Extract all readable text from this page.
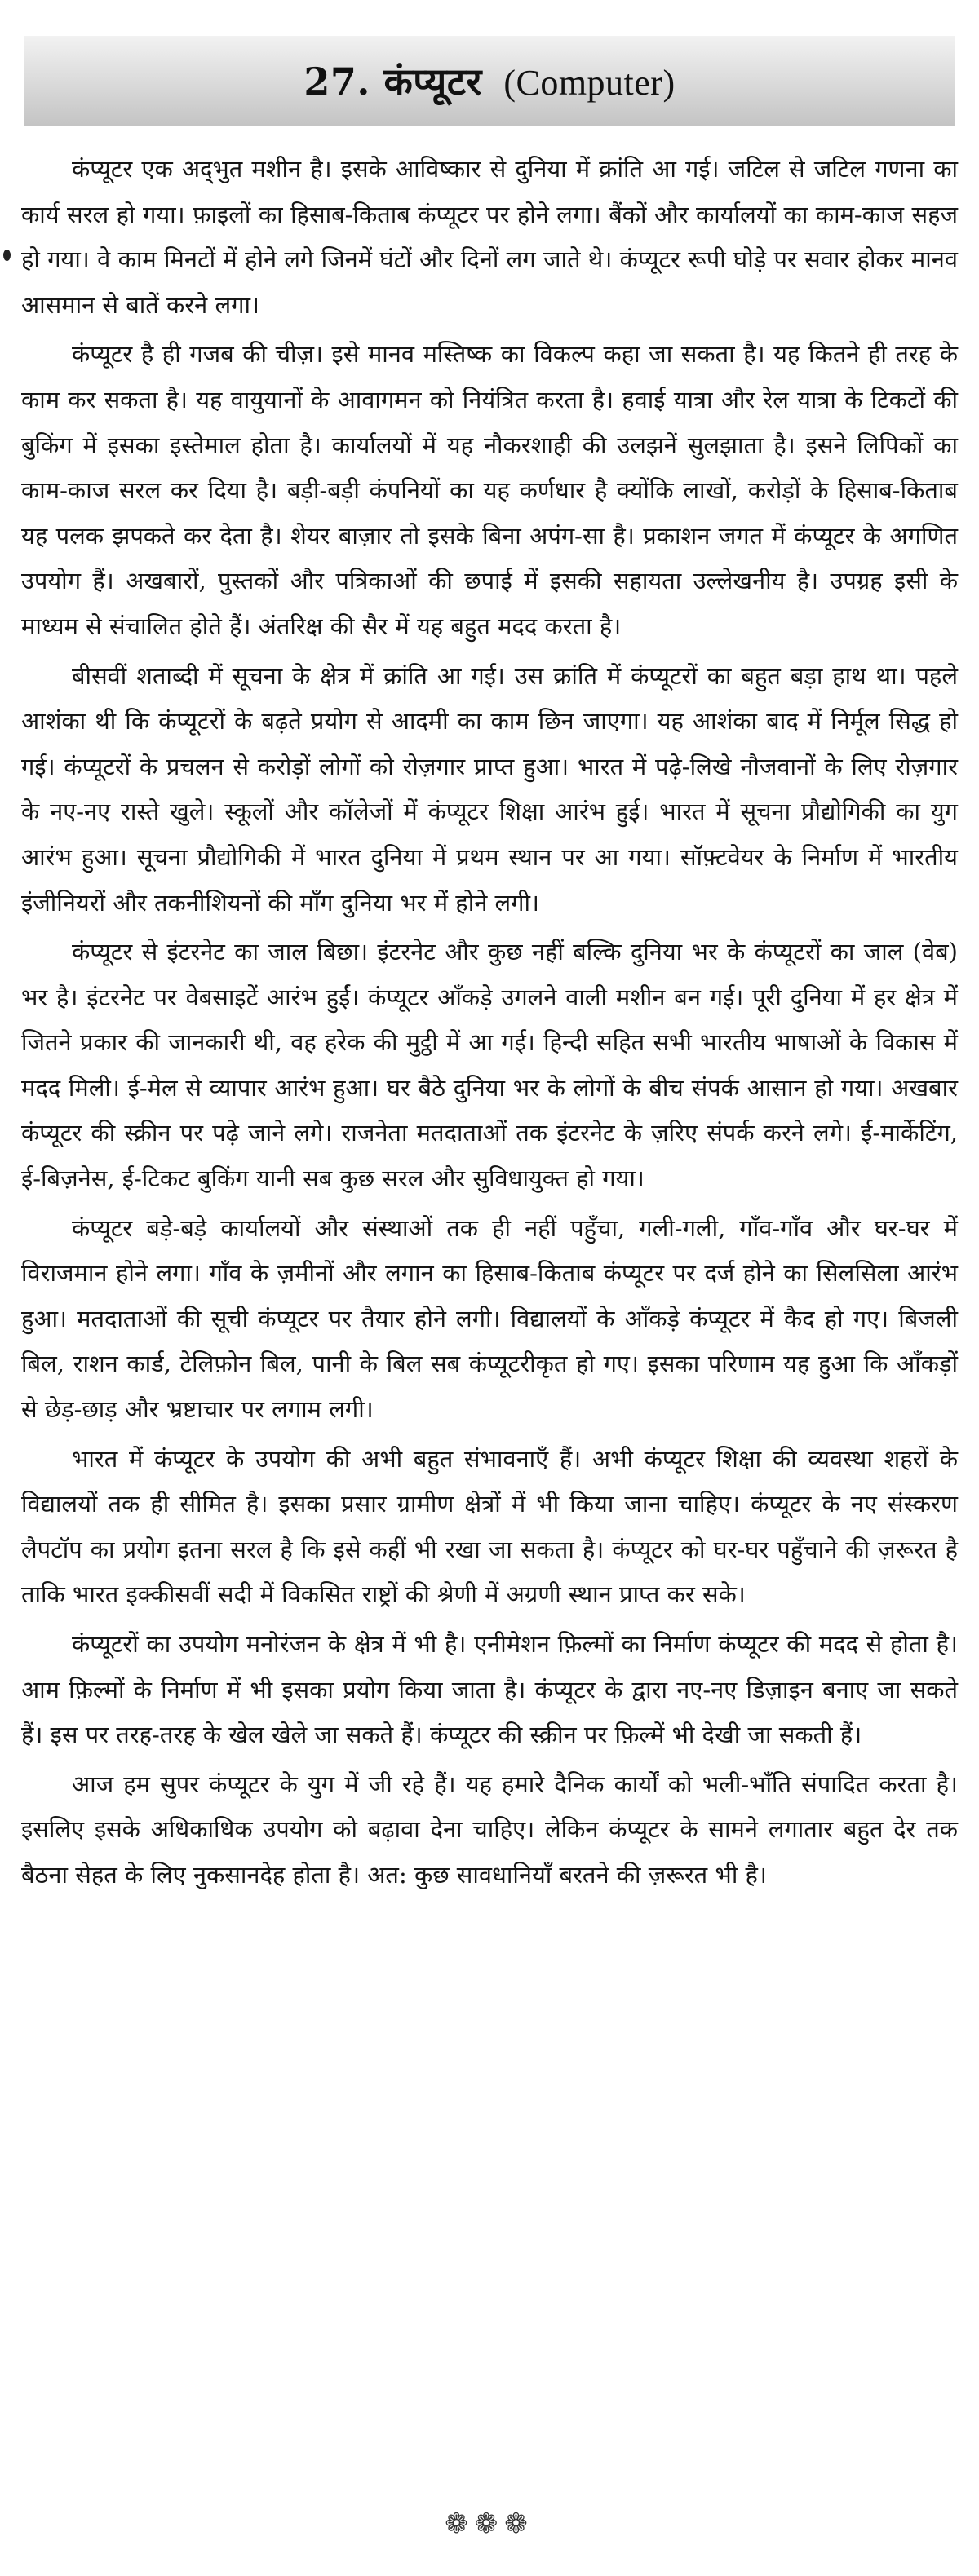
27. कंप्यूटर (Computer)

कंप्यूटर एक अद्‌भुत मशीन है। इसके आविष्कार से दुनिया में क्रांति आ गई। जटिल से जटिल गणना का कार्य सरल हो गया। फ़ाइलों का हिसाब-किताब कंप्यूटर पर होने लगा। बैंकों और कार्यालयों का काम-काज सहज हो गया। वे काम मिनटों में होने लगे जिनमें घंटों और दिनों लग जाते थे। कंप्यूटर रूपी घोड़े पर सवार होकर मानव आसमान से बातें करने लगा।

कंप्यूटर है ही गजब की चीज़। इसे मानव मस्तिष्क का विकल्प कहा जा सकता है। यह कितने ही तरह के काम कर सकता है। यह वायुयानों के आवागमन को नियंत्रित करता है। हवाई यात्रा और रेल यात्रा के टिकटों की बुकिंग में इसका इस्तेमाल होता है। कार्यालयों में यह नौकरशाही की उलझनें सुलझाता है। इसने लिपिकों का काम-काज सरल कर दिया है। बड़ी-बड़ी कंपनियों का यह कर्णधार है क्योंकि लाखों, करोड़ों के हिसाब-किताब यह पलक झपकते कर देता है। शेयर बाज़ार तो इसके बिना अपंग-सा है। प्रकाशन जगत में कंप्यूटर के अगणित उपयोग हैं। अखबारों, पुस्तकों और पत्रिकाओं की छपाई में इसकी सहायता उल्लेखनीय है। उपग्रह इसी के माध्यम से संचालित होते हैं। अंतरिक्ष की सैर में यह बहुत मदद करता है।

बीसवीं शताब्दी में सूचना के क्षेत्र में क्रांति आ गई। उस क्रांति में कंप्यूटरों का बहुत बड़ा हाथ था। पहले आशंका थी कि कंप्यूटरों के बढ़ते प्रयोग से आदमी का काम छिन जाएगा। यह आशंका बाद में निर्मूल सिद्ध हो गई। कंप्यूटरों के प्रचलन से करोड़ों लोगों को रोज़गार प्राप्त हुआ। भारत में पढ़े-लिखे नौजवानों के लिए रोज़गार के नए-नए रास्ते खुले। स्कूलों और कॉलेजों में कंप्यूटर शिक्षा आरंभ हुई। भारत में सूचना प्रौद्योगिकी का युग आरंभ हुआ। सूचना प्रौद्योगिकी में भारत दुनिया में प्रथम स्थान पर आ गया। सॉफ़्टवेयर के निर्माण में भारतीय इंजीनियरों और तकनीशियनों की माँग दुनिया भर में होने लगी।

कंप्यूटर से इंटरनेट का जाल बिछा। इंटरनेट और कुछ नहीं बल्कि दुनिया भर के कंप्यूटरों का जाल (वेब) भर है। इंटरनेट पर वेबसाइटें आरंभ हुईं। कंप्यूटर आँकड़े उगलने वाली मशीन बन गई। पूरी दुनिया में हर क्षेत्र में जितने प्रकार की जानकारी थी, वह हरेक की मुट्ठी में आ गई। हिन्दी सहित सभी भारतीय भाषाओं के विकास में मदद मिली। ई-मेल से व्यापार आरंभ हुआ। घर बैठे दुनिया भर के लोगों के बीच संपर्क आसान हो गया। अखबार कंप्यूटर की स्क्रीन पर पढ़े जाने लगे। राजनेता मतदाताओं तक इंटरनेट के ज़रिए संपर्क करने लगे। ई-मार्केटिंग, ई-बिज़नेस, ई-टिकट बुकिंग यानी सब कुछ सरल और सुविधायुक्त हो गया।

कंप्यूटर बड़े-बड़े कार्यालयों और संस्थाओं तक ही नहीं पहुँचा, गली-गली, गाँव-गाँव और घर-घर में विराजमान होने लगा। गाँव के ज़मीनों और लगान का हिसाब-किताब कंप्यूटर पर दर्ज होने का सिलसिला आरंभ हुआ। मतदाताओं की सूची कंप्यूटर पर तैयार होने लगी। विद्यालयों के आँकड़े कंप्यूटर में कैद हो गए। बिजली बिल, राशन कार्ड, टेलिफ़ोन बिल, पानी के बिल सब कंप्यूटरीकृत हो गए। इसका परिणाम यह हुआ कि आँकड़ों से छेड़-छाड़ और भ्रष्टाचार पर लगाम लगी।

भारत में कंप्यूटर के उपयोग की अभी बहुत संभावनाएँ हैं। अभी कंप्यूटर शिक्षा की व्यवस्था शहरों के विद्यालयों तक ही सीमित है। इसका प्रसार ग्रामीण क्षेत्रों में भी किया जाना चाहिए। कंप्यूटर के नए संस्करण लैपटॉप का प्रयोग इतना सरल है कि इसे कहीं भी रखा जा सकता है। कंप्यूटर को घर-घर पहुँचाने की ज़रूरत है ताकि भारत इक्कीसवीं सदी में विकसित राष्ट्रों की श्रेणी में अग्रणी स्थान प्राप्त कर सके।

कंप्यूटरों का उपयोग मनोरंजन के क्षेत्र में भी है। एनीमेशन फ़िल्मों का निर्माण कंप्यूटर की मदद से होता है। आम फ़िल्मों के निर्माण में भी इसका प्रयोग किया जाता है। कंप्यूटर के द्वारा नए-नए डिज़ाइन बनाए जा सकते हैं। इस पर तरह-तरह के खेल खेले जा सकते हैं। कंप्यूटर की स्क्रीन पर फ़िल्में भी देखी जा सकती हैं।

आज हम सुपर कंप्यूटर के युग में जी रहे हैं। यह हमारे दैनिक कार्यों को भली-भाँति संपादित करता है। इसलिए इसके अधिकाधिक उपयोग को बढ़ावा देना चाहिए। लेकिन कंप्यूटर के सामने लगातार बहुत देर तक बैठना सेहत के लिए नुकसानदेह होता है। अत: कुछ सावधानियाँ बरतने की ज़रूरत भी है।

❁❁❁
